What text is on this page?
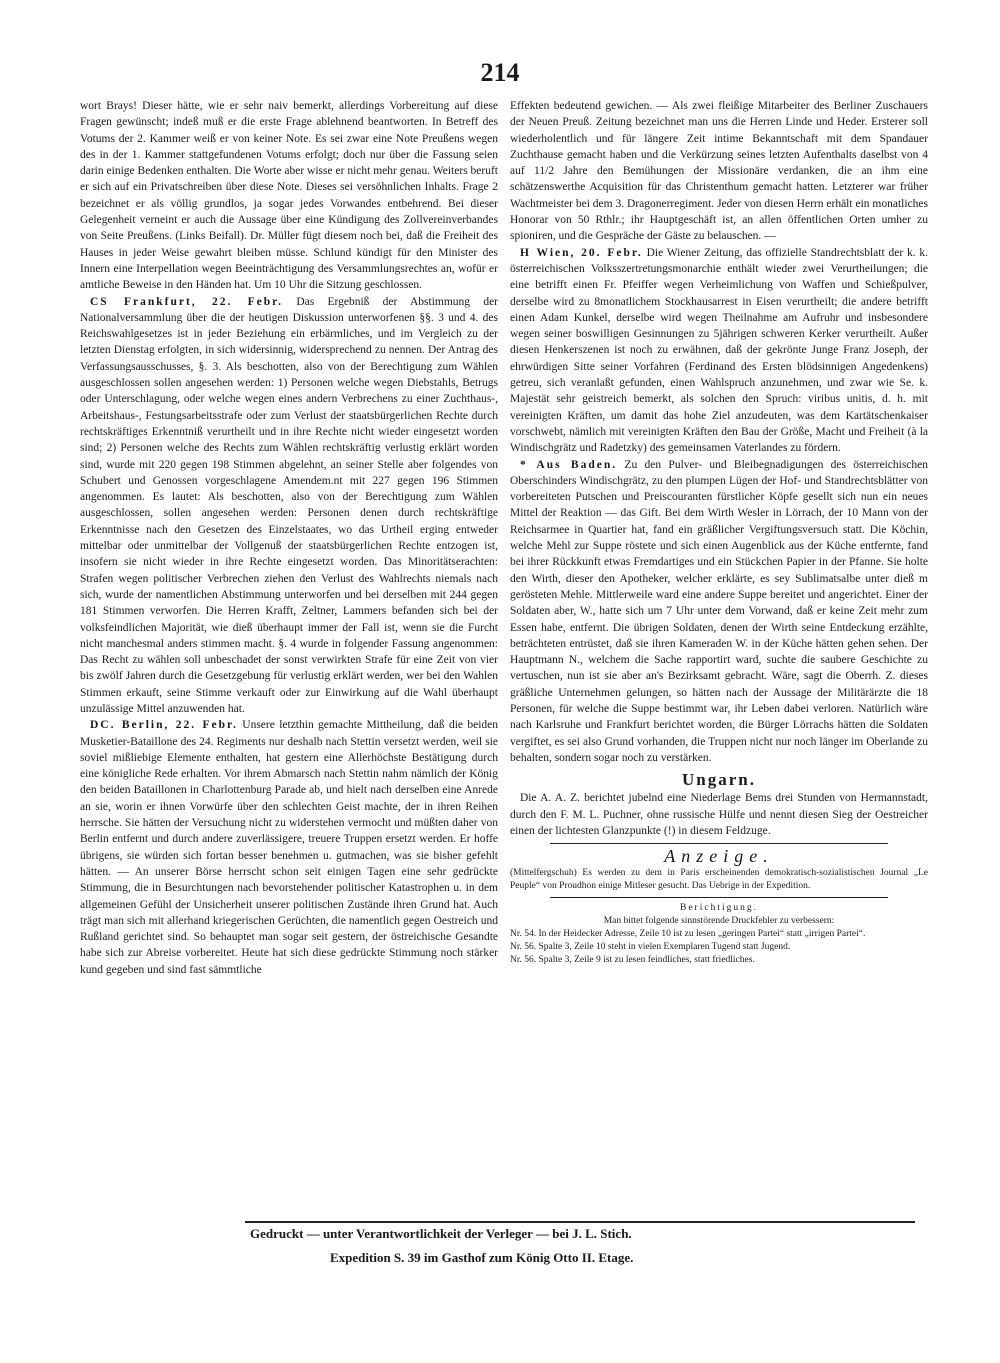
214

wort Brays! Dieser hätte, wie er sehr naiv bemerkt, allerdings Vorbereitung auf diese Fragen gewünscht; indeß muß er die erste Frage ablehnend beantworten. In Betreff des Votums der 2. Kammer weiß er von keiner Note. Es sei zwar eine Note Preußens wegen des in der 1. Kammer stattgefundenen Votums erfolgt; doch nur über die Fassung seien darin einige Bedenken enthalten. Die Worte aber wisse er nicht mehr genau. Weiters beruft er sich auf ein Privatschreiben über diese Note. Dieses sei versöhnlichen Inhalts. Frage 2 bezeichnet er als völlig grundlos, ja sogar jedes Vorwandes entbehrend. Bei dieser Gelegenheit verneint er auch die Aussage über eine Kündigung des Zollvereinverbandes von Seite Preußens. (Links Beifall). Dr. Müller fügt diesem noch bei, daß die Freiheit des Hauses in jeder Weise gewahrt bleiben müsse. Schlund kündigt für den Minister des Innern eine Interpellation wegen Beeinträchtigung des Versammlungsrechtes an, wofür er amtliche Beweise in den Händen hat. Um 10 Uhr die Sitzung geschlossen.

CS Frankfurt, 22. Febr. Das Ergebniß der Abstimmung der Nationalversammlung über die der heutigen Diskussion unterworfenen §§. 3 und 4. des Reichswahlgesetzes ist in jeder Beziehung ein erbärmliches, und im Vergleich zu der letzten Dienstag erfolgten, in sich widersinnig, widersprechend zu nennen. Der Antrag des Verfassungsausschusses, §. 3. Als beschotten, also von der Berechtigung zum Wählen ausgeschlossen sollen angesehen werden: 1) Personen welche wegen Diebstahls, Betrugs oder Unterschlagung, oder welche wegen eines andern Verbrechens zu einer Zuchthaus-, Arbeitshaus-, Festungsarbeitsstrafe oder zum Verlust der staatsbürgerlichen Rechte durch rechtskräftiges Erkenntniß verurtheilt und in ihre Rechte nicht wieder eingesetzt worden sind; 2) Personen welche des Rechts zum Wählen rechtskräftig verlustig erklärt worden sind, wurde mit 220 gegen 198 Stimmen abgelehnt, an seiner Stelle aber folgendes von Schubert und Genossen vorgeschlagene Amendem.nt mit 227 gegen 196 Stimmen angenommen. Es lautet: Als beschotten, also von der Berechtigung zum Wählen ausgeschlossen, sollen angesehen werden: Personen denen durch rechtskräftige Erkenntnisse nach den Gesetzen des Einzelstaates, wo das Urtheil erging entweder mittelbar oder unmittelbar der Vollgenuß der staatsbürgerlichen Rechte entzogen ist, insofern sie nicht wieder in ihre Rechte eingesetzt worden. Das Minoritätserachten: Strafen wegen politischer Verbrechen ziehen den Verlust des Wahlrechts niemals nach sich, wurde der namentlichen Abstimmung unterworfen und bei derselben mit 244 gegen 181 Stimmen verworfen. Die Herren Krafft, Zeltner, Lammers befanden sich bei der volksfeindlichen Majorität, wie dieß überhaupt immer der Fall ist, wenn sie die Furcht nicht manchesmal anders stimmen macht. §. 4 wurde in folgender Fassung angenommen: Das Recht zu wählen soll unbeschadet der sonst verwirkten Strafe für eine Zeit von vier bis zwölf Jahren durch die Gesetzgebung für verlustig erklärt werden, wer bei den Wahlen Stimmen erkauft, seine Stimme verkauft oder zur Einwirkung auf die Wahl überhaupt unzulässige Mittel anzuwenden hat.

DC. Berlin, 22. Febr. Unsere letzthin gemachte Mittheilung, daß die beiden Musketier-Bataillone des 24. Regiments nur deshalb nach Stettin versetzt werden, weil sie soviel mißliebige Elemente enthalten, hat gestern eine Allerhöchste Bestätigung durch eine königliche Rede erhalten. Vor ihrem Abmarsch nach Stettin nahm nämlich der König den beiden Bataillonen in Charlottenburg Parade ab, und hielt nach derselben eine Anrede an sie, worin er ihnen Vorwürfe über den schlechten Geist machte, der in ihren Reihen herrsche. Sie hätten der Versuchung nicht zu widerstehen vermocht und müßten daher von Berlin entfernt und durch andere zuverlässigere, treuere Truppen ersetzt werden. Er hoffe übrigens, sie würden sich fortan besser benehmen u. gutmachen, was sie bisher gefehlt hätten. — An unserer Börse herrscht schon seit einigen Tagen eine sehr gedrückte Stimmung, die in Besurchtungen nach bevorstehender politischer Katastrophen u. in dem allgemeinen Gefühl der Unsicherheit unserer politischen Zustände ihren Grund hat. Auch trägt man sich mit allerhand kriegerischen Gerüchten, die namentlich gegen Oestreich und Rußland gerichtet sind. So behauptet man sogar seit gestern, der östreichische Gesandte habe sich zur Abreise vorbereitet. Heute hat sich diese gedrückte Stimmung noch stärker kund gegeben und sind fast sämmtliche

Effekten bedeutend gewichen. — Als zwei fleißige Mitarbeiter des Berliner Zuschauers der Neuen Preuß. Zeitung bezeichnet man uns die Herren Linde und Heder. Ersterer soll wiederholentlich und für längere Zeit intime Bekanntschaft mit dem Spandauer Zuchthause gemacht haben und die Verkürzung seines letzten Aufenthalts daselbst von 4 auf 11/2 Jahre den Bemühungen der Missionäre verdanken, die an ihm eine schätzenswerthe Acquisition für das Christenthum gemacht hatten. Letzterer war früher Wachtmeister bei dem 3. Dragonerregiment. Jeder von diesen Herrn erhält ein monatliches Honorar von 50 Rthlr.; ihr Hauptgeschäft ist, an allen öffentlichen Orten umher zu spioniren, und die Gespräche der Gäste zu belauschen. —

H Wien, 20. Febr. Die Wiener Zeitung, das offizielle Standrechtsblatt der k. k. österreichischen Volksszertretungsmonarchie enthält wieder zwei Verurtheilungen; die eine betrifft einen Fr. Pfeiffer wegen Verheimlichung von Waffen und Schießpulver, derselbe wird zu 8monatlichem Stockhausarrest in Eisen verurtheilt; die andere betrifft einen Adam Kunkel, derselbe wird wegen Theilnahme am Aufruhr und insbesondere wegen seiner boswilligen Gesinnungen zu 5jährigen schweren Kerker verurtheilt. Außer diesen Henkerszenen ist noch zu erwähnen, daß der gekrönte Junge Franz Joseph, der ehrwürdigen Sitte seiner Vorfahren (Ferdinand des Ersten blödsinnigen Angedenkens) getreu, sich veranlaßt gefunden, einen Wahlspruch anzunehmen, und zwar wie Se. k. Majestät sehr geistreich bemerkt, als solchen den Spruch: viribus unitis, d. h. mit vereinigten Kräften, um damit das hohe Ziel anzudeuten, was dem Kartätschenkaiser vorschwebt, nämlich mit vereinigten Kräften den Bau der Größe, Macht und Freiheit (à la Windischgrätz und Radetzky) des gemeinsamen Vaterlandes zu fördern.

* Aus Baden. Zu den Pulver- und Bleibegnadigungen des österreichischen Oberschinders Windischgrätz, zu den plumpen Lügen der Hof- und Standrechtsblätter von vorbereiteten Putschen und Preiscouranten fürstlicher Köpfe gesellt sich nun ein neues Mittel der Reaktion — das Gift. Bei dem Wirth Wesler in Lörrach, der 10 Mann von der Reichsarmee in Quartier hat, fand ein gräßlicher Vergiftungsversuch statt. Die Köchin, welche Mehl zur Suppe röstete und sich einen Augenblick aus der Küche entfernte, fand bei ihrer Rückkunft etwas Fremdartiges und ein Stückchen Papier in der Pfanne. Sie holte den Wirth, dieser den Apotheker, welcher erklärte, es sey Sublimatsalbe unter dieß m gerösteten Mehle. Mittlerweile ward eine andere Suppe bereitet und angerichtet. Einer der Soldaten aber, W., hatte sich um 7 Uhr unter dem Vorwand, daß er keine Zeit mehr zum Essen habe, entfernt. Die übrigen Soldaten, denen der Wirth seine Entdeckung erzählte, beträchteten entrüstet, daß sie ihren Kameraden W. in der Küche hätten gehen sehen. Der Hauptmann N., welchem die Sache rapportirt ward, suchte die saubere Geschichte zu vertuschen, nun ist sie aber an's Bezirksamt gebracht. Wäre, sagt die Oberrh. Z. dieses gräßliche Unternehmen gelungen, so hätten nach der Aussage der Militärärzte die 18 Personen, für welche die Suppe bestimmt war, ihr Leben dabei verloren. Natürlich wäre nach Karlsruhe und Frankfurt berichtet worden, die Bürger Lörrachs hätten die Soldaten vergiftet, es sei also Grund vorhanden, die Truppen nicht nur noch länger im Oberlande zu behalten, sondern sogar noch zu verstärken.

Ungarn.

Die A. A. Z. berichtet jubelnd eine Niederlage Bems drei Stunden von Hermannstadt, durch den F. M. L. Puchner, ohne russische Hülfe und nennt diesen Sieg der Oestreicher einen der lichtesten Glanzpunkte (!) in diesem Feldzuge.

Anzeige.

(Mittelfergschuh) Es werden zu dem in Paris erscheinenden demokratisch-sozialistischen Journal „Le Peuple“ von Proudhon einige Mitleser gesucht. Das Uebrige in der Expedition.

Berichtigung.

Man bittet folgende sinnstörende Druckfehler zu verbessern:

Nr. 54. In der Heidecker Adresse, Zeile 10 ist zu lesen „geringen Partei“ statt „irrigen Partei“.

Nr. 56. Spalte 3, Zeile 10 steht in vielen Exemplaren Tugend statt Jugend.

Nr. 56. Spalte 3, Zeile 9 ist zu lesen feindliches, statt friedliches.

Gedruckt — unter Verantwortlichkeit der Verleger — bei J. L. Stich.
Expedition S. 39 im Gasthof zum König Otto II. Etage.
